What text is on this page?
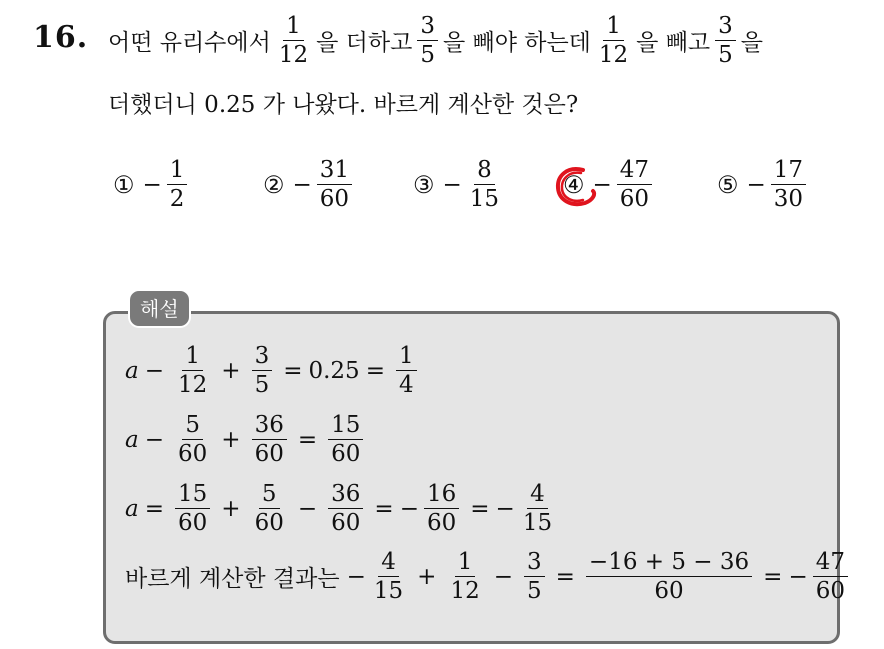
16. 어떤 유리수에서 $\frac{1}{12}$ 을 더하고 $\frac{3}{5}$ 을 빼야 하는데 $\frac{1}{12}$ 을 빼고 $\frac{3}{5}$ 을
더했더니 0.25 가 나왔다. 바르게 계산한 것은?
① − $\frac{1}{2}$	② − $\frac{31}{60}$	③ − $\frac{8}{15}$	④ − $\frac{47}{60}$	⑤ − $\frac{17}{30}$
해설
$a - \frac{1}{12} + \frac{3}{5} = 0.25 = \frac{1}{4}$
$a - \frac{5}{60} + \frac{36}{60} = \frac{15}{60}$
$a = \frac{15}{60} + \frac{5}{60} - \frac{36}{60}$ = − $\frac{16}{60}$ = − $\frac{4}{15}$
바르게 계산한 결과는 − $\frac{4}{15} + \frac{1}{12} - \frac{3}{5} = \frac{-16 + 5 - 36}{60}$ = − $\frac{47}{60}$
